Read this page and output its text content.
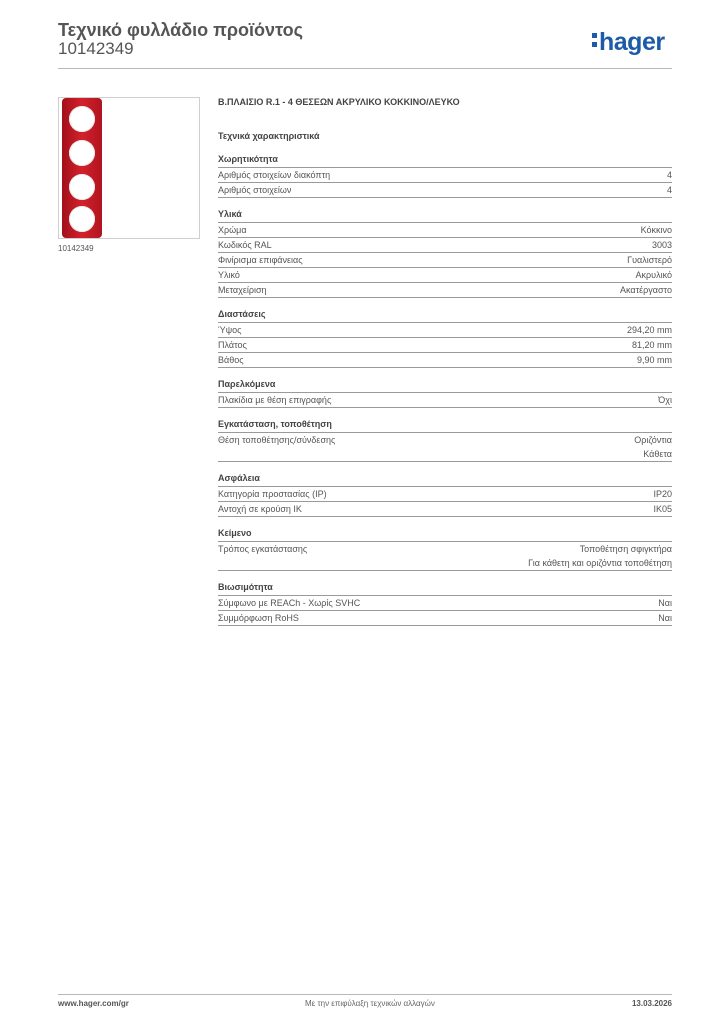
Τεχνικό φυλλάδιο προϊόντος
10142349	hager
10142349
Β.ΠΛΑΙΣΙΟ R.1 - 4 ΘΕΣΕΩΝ ΑΚΡΥΛΙΚΟ ΚΟΚΚΙΝΟ/ΛΕΥΚΟ
Τεχνικά χαρακτηριστικά
Χωρητικότητα
Αριθμός στοιχείων διακόπτη	4
Αριθμός στοιχείων	4
Υλικά
Χρώμα	Κόκκινο
Κωδικός RAL	3003
Φινίρισμα επιφάνειας	Γυαλιστερό
Υλικό	Ακρυλικό
Μεταχείριση	Ακατέργαστο
Διαστάσεις
Ύψος	294,20 mm
Πλάτος	81,20 mm
Βάθος	9,90 mm
Παρελκόμενα
Πλακίδια με θέση επιγραφής	Όχι
Εγκατάσταση, τοποθέτηση
Θέση τοποθέτησης/σύνδεσης	Οριζόντια
Κάθετα
Ασφάλεια
Κατηγορία προστασίας (IP)	IP20
Αντοχή σε κρούση IK	IK05
Κείμενο
Τρόπος εγκατάστασης	Τοποθέτηση σφιγκτήρα
Για κάθετη και οριζόντια τοποθέτηση
Βιωσιμότητα
Σύμφωνο με REACh - Χωρίς SVHC	Ναι
Συμμόρφωση RoHS	Ναι
www.hager.com/gr	Με την επιφύλαξη τεχνικών αλλαγών	13.03.2026
